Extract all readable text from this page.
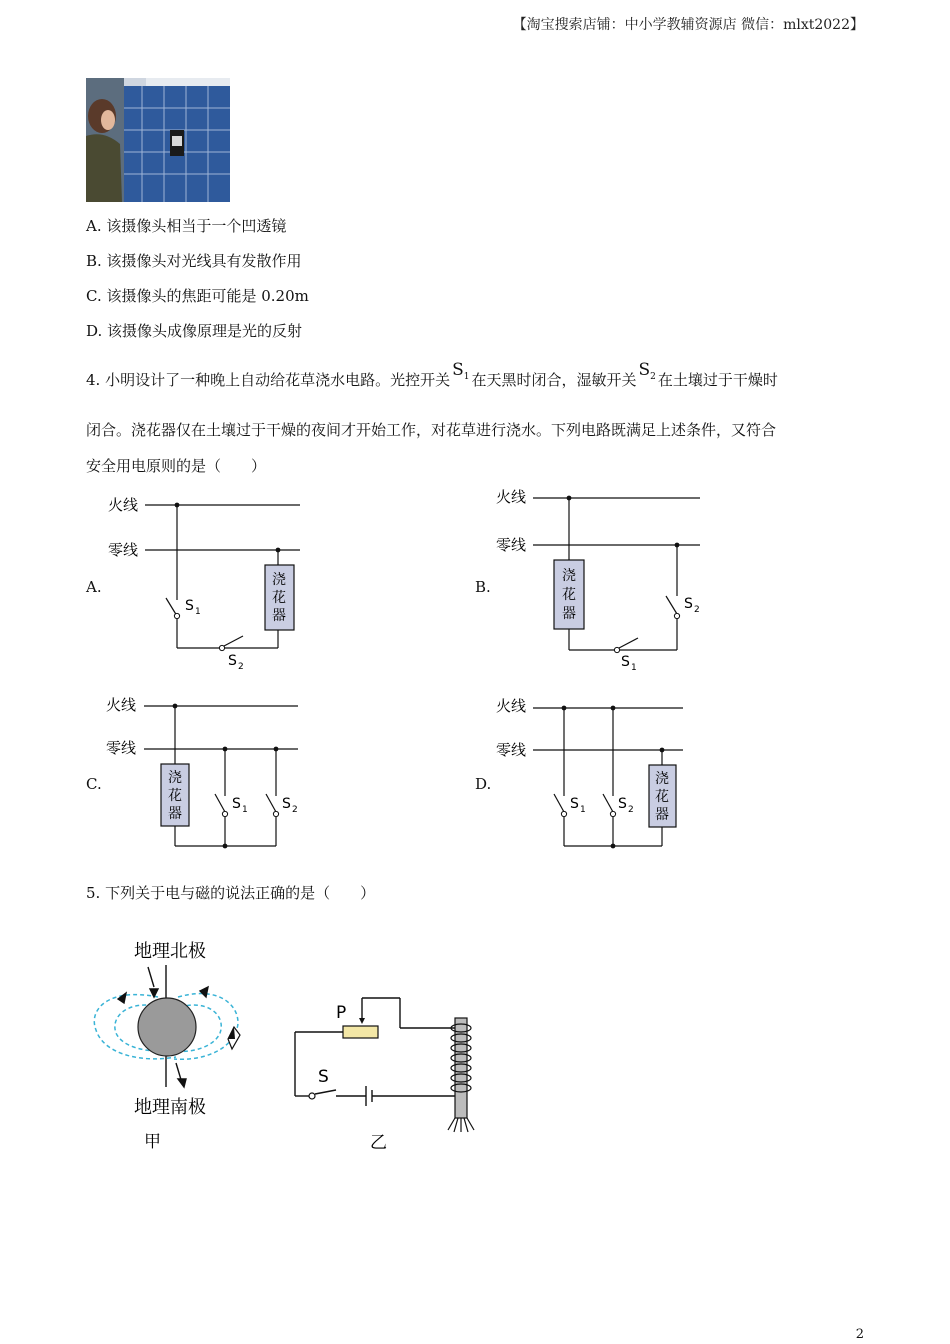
【淘宝搜索店铺：中小学教辅资源店 微信：mlxt2022】
A. 该摄像头相当于一个凹透镜
B. 该摄像头对光线具有发散作用
C. 该摄像头的焦距可能是 0.20m
D. 该摄像头成像原理是光的反射
4. 小明设计了一种晚上自动给花草浇水电路。光控开关 $S_1$ 在天黑时闭合，湿敏开关 $S_2$ 在土壤过于干燥时
闭合。浇花器仅在土壤过于干燥的夜间才开始工作，对花草进行浇水。下列电路既满足上述条件，又符合
安全用电原则的是（　　）
A.	B.
C.	D.
火线
零线
浇
花
器
S 1
S 2
火线
零线
浇
花
器
S 2
S 1
火线
零线
浇
花
器
S 1 S 2
火线
零线
浇
花
器
S 1 S 2
5. 下列关于电与磁的说法正确的是（　　）
地理北极
地理南极
甲
P
S
乙
2
